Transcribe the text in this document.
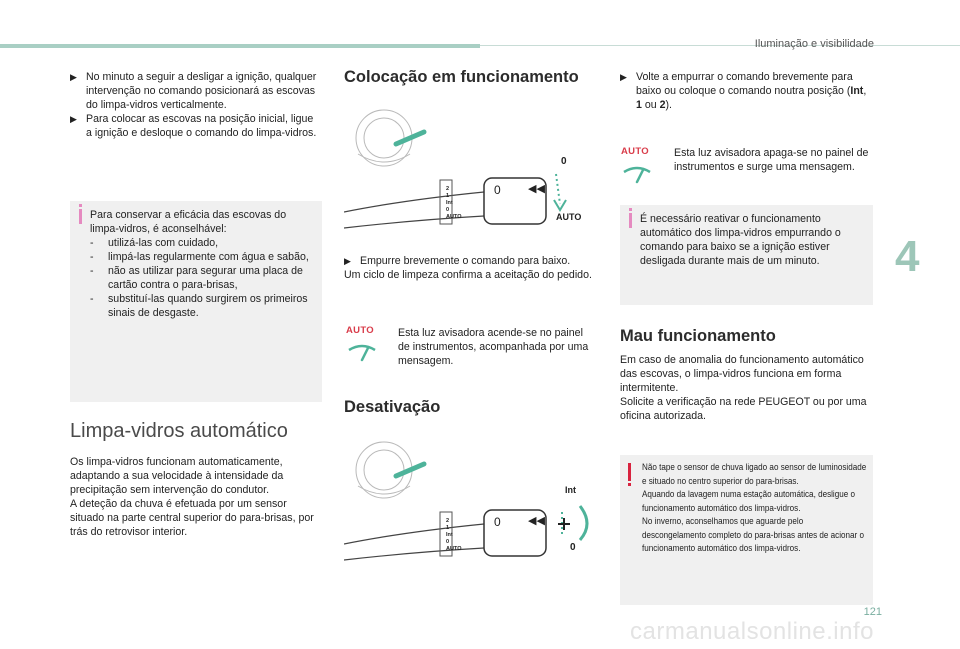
Iluminação e visibilidade
4
▶ No minuto a seguir a desligar a ignição, qualquer intervenção no comando posicionará as escovas do limpa-vidros verticalmente.
▶ Para colocar as escovas na posição inicial, ligue a ignição e desloque o comando do limpa-vidros.
Para conservar a eficácia das escovas do limpa-vidros, é aconselhável:
-	utilizá-las com cuidado,
-	limpá-las regularmente com água e sabão,
-	não as utilizar para segurar uma placa de cartão contra o para-brisas,
-	substituí-las quando surgirem os primeiros sinais de desgaste.
Limpa-vidros automático
Os limpa-vidros funcionam automaticamente, adaptando a sua velocidade à intensidade da precipitação sem intervenção do condutor.
A deteção da chuva é efetuada por um sensor situado na parte central superior do para-brisas, por trás do retrovisor interior.
Colocação em funcionamento
0 ◀◀
0
AUTO
2
1
Int
0
AUTO
▶ Empurre brevemente o comando para baixo.
Um ciclo de limpeza confirma a aceitação do pedido.
AUTO Esta luz avisadora acende-se no painel de instrumentos, acompanhada por uma mensagem.
Desativação
0 ◀◀
Int
0
2
1
Int
0
AUTO
▶ Volte a empurrar o comando brevemente para baixo ou coloque o comando noutra posição (Int, 1 ou 2).
AUTO Esta luz avisadora apaga-se no painel de instrumentos e surge uma mensagem.
É necessário reativar o funcionamento automático dos limpa-vidros empurrando o comando para baixo se a ignição estiver desligada durante mais de um minuto.
Mau funcionamento
Em caso de anomalia do funcionamento automático das escovas, o limpa-vidros funciona em forma intermitente.
Solicite a verificação na rede PEUGEOT ou por uma oficina autorizada.
Não tape o sensor de chuva ligado ao sensor de luminosidade e situado no centro superior do para-brisas.
Aquando da lavagem numa estação automática, desligue o funcionamento automático dos limpa-vidros.
No inverno, aconselhamos que aguarde pelo descongelamento completo do para-brisas antes de acionar o funcionamento automático dos limpa-vidros.
121
carmanualsonline.info
